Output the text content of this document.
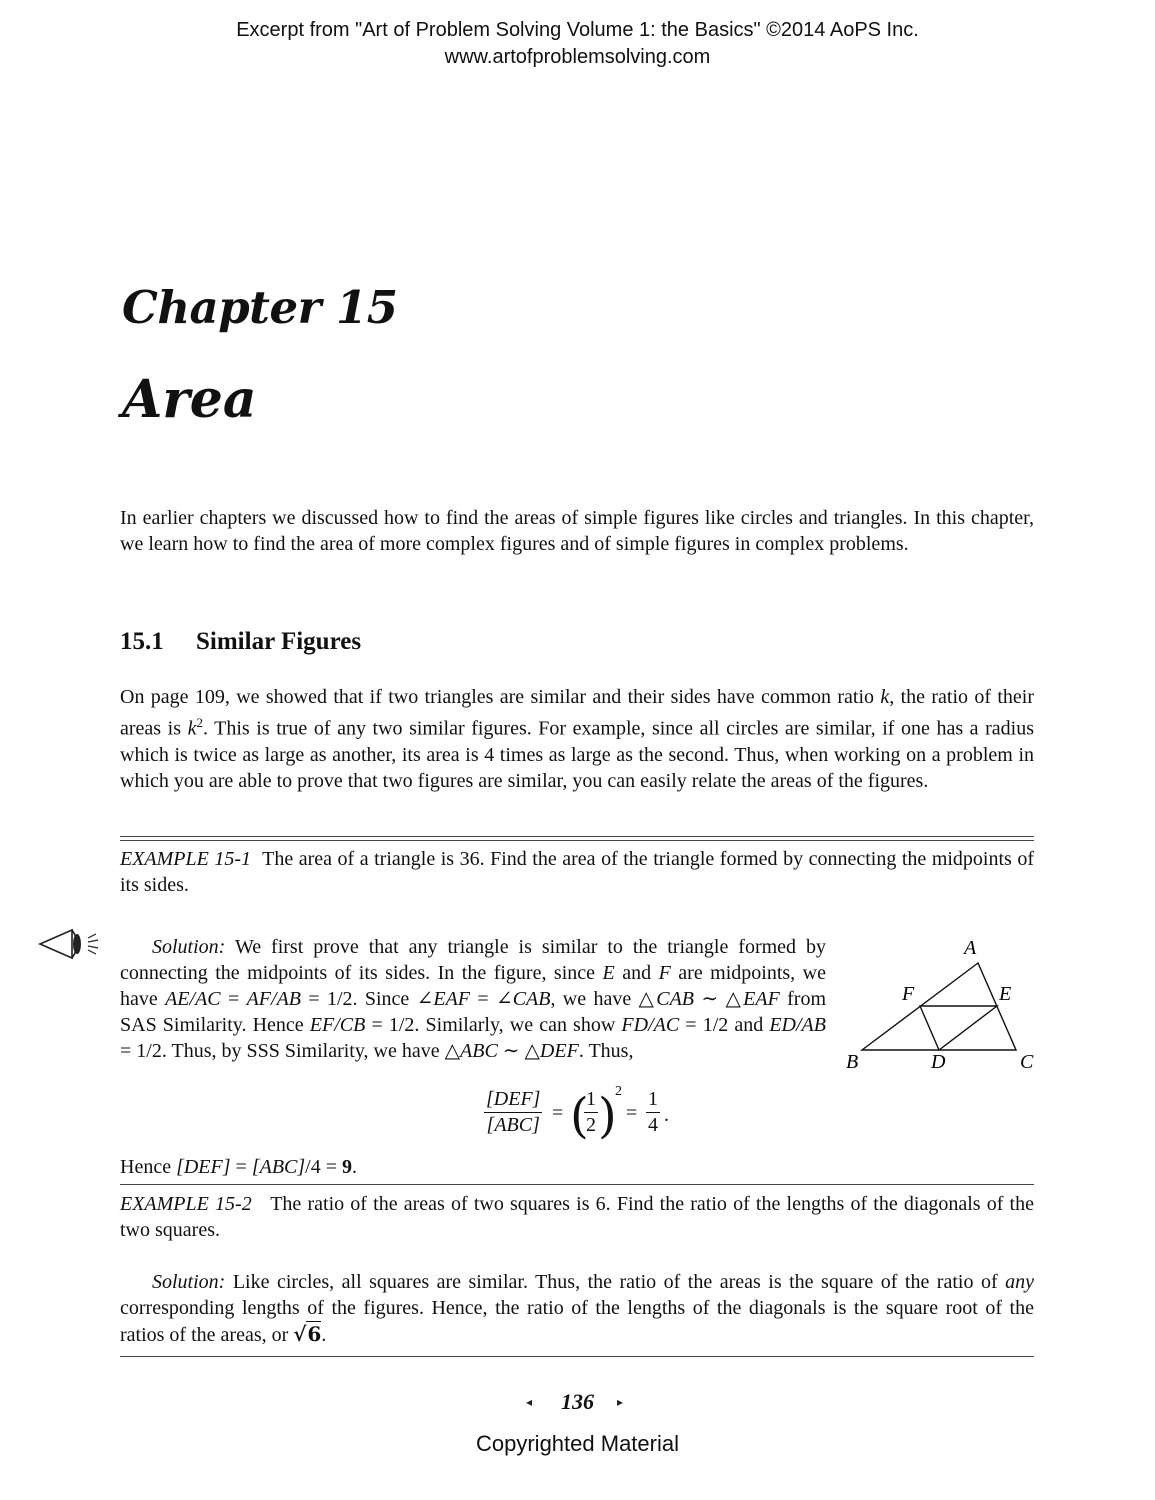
Excerpt from "Art of Problem Solving Volume 1: the Basics" ©2014 AoPS Inc.
www.artofproblemsolving.com
Chapter 15
Area

In earlier chapters we discussed how to find the areas of simple figures like circles and triangles. In this chapter, we learn how to find the area of more complex figures and of simple figures in complex problems.

15.1 Similar Figures

On page 109, we showed that if two triangles are similar and their sides have common ratio k, the ratio of their areas is $k^2$. This is true of any two similar figures. For example, since all circles are similar, if one has a radius which is twice as large as another, its area is 4 times as large as the second. Thus, when working on a problem in which you are able to prove that two figures are similar, you can easily relate the areas of the figures.

EXAMPLE 15-1 The area of a triangle is 36. Find the area of the triangle formed by connecting the midpoints of its sides.

Solution: We first prove that any triangle is similar to the triangle formed by connecting the midpoints of its sides. In the figure, since E and F are midpoints, we have AE/AC = AF/AB = 1/2. Since ∠EAF = ∠CAB, we have △CAB ∼ △EAF from SAS Similarity. Hence EF/CB = 1/2. Similarly, we can show FD/AC = 1/2 and ED/AB = 1/2. Thus, by SSS Similarity, we have △ABC ∼ △DEF. Thus,

A
B	C
D
E
F
[DEF]
[ABC]
= (
1
2 )
2
=
1
4 .

Hence [DEF] = [ABC]/4 = 9.

EXAMPLE 15-2 The ratio of the areas of two squares is 6. Find the ratio of the lengths of the diagonals of the two squares.

Solution: Like circles, all squares are similar. Thus, the ratio of the areas is the square of the ratio of any corresponding lengths of the figures. Hence, the ratio of the lengths of the diagonals is the square root of the ratios of the areas, or √6.

◂	136	▸
Copyrighted Material
